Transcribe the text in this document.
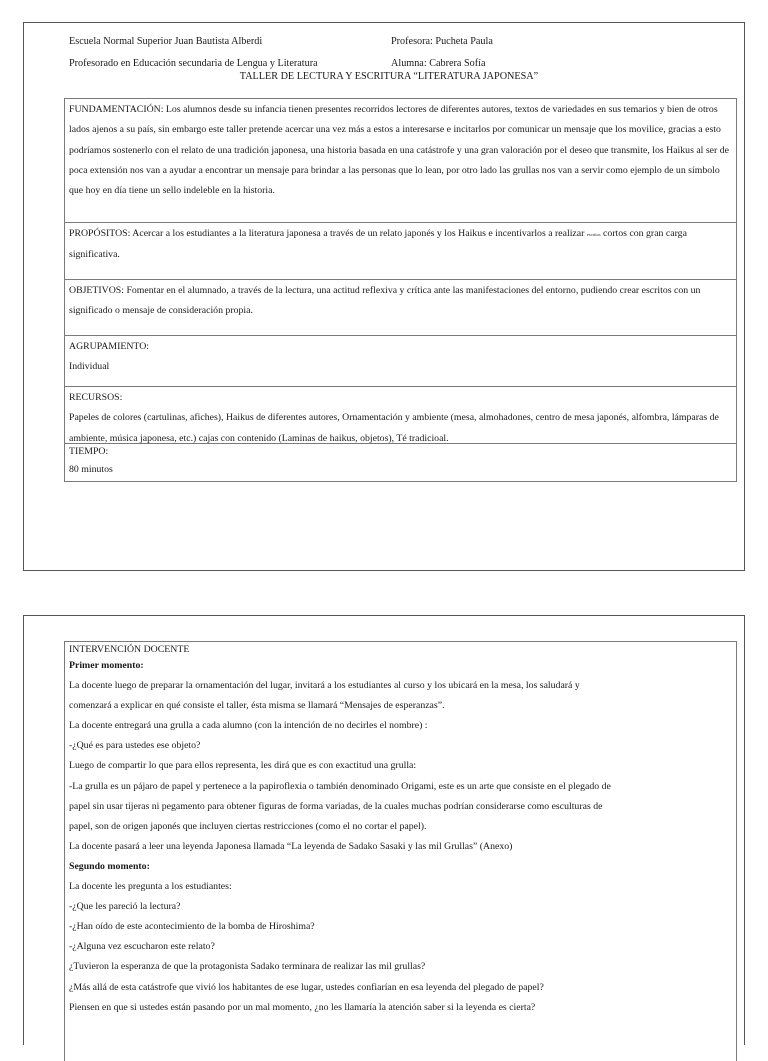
Escuela Normal Superior Juan Bautista Alberdi	Profesora: Pucheta Paula
Profesorado en Educación secundaria de Lengua y Literatura	Alumna: Cabrera Sofía
TALLER DE LECTURA Y ESCRITURA “LITERATURA JAPONESA”
FUNDAMENTACIÓN: Los alumnos desde su infancia tienen presentes recorridos lectores de diferentes autores, textos de variedades en sus temarios y bien de otros lados ajenos a su país, sin embargo este taller pretende acercar una vez más a estos a interesarse e incitarlos por comunicar un mensaje que los movilice, gracias a esto podríamos sostenerlo con el relato de una tradición japonesa, una historia basada en una catástrofe y una gran valoración por el deseo que transmite, los Haikus al ser de poca extensión nos van a ayudar a encontrar un mensaje para brindar a las personas que lo lean, por otro lado las grullas nos van a servir como ejemplo de un símbolo que hoy en día tiene un sello indeleble en la historia.
PROPÓSITOS: Acercar a los estudiantes a la literatura japonesa a través de un relato japonés y los Haikus e incentivarlos a realizar escritos cortos con gran carga significativa.
OBJETIVOS: Fomentar en el alumnado, a través de la lectura, una actitud reflexiva y crítica ante las manifestaciones del entorno, pudiendo crear escritos con un significado o mensaje de consideración propia.
AGRUPAMIENTO:
Individual
RECURSOS:
Papeles de colores (cartulinas, afiches), Haikus de diferentes autores, Ornamentación y ambiente (mesa, almohadones, centro de mesa japonés, alfombra, lámparas de ambiente, música japonesa, etc.) cajas con contenido (Laminas de haikus, objetos), Té tradicioal.
TIEMPO:
80 minutos
INTERVENCIÓN DOCENTE
Primer momento:
La docente luego de preparar la ornamentación del lugar, invitará a los estudiantes al curso y los ubicará en la mesa, los saludará y
comenzará a explicar en qué consiste el taller, ésta misma se llamará “Mensajes de esperanzas”.
La docente entregará una grulla a cada alumno (con la intención de no decirles el nombre) :
-¿Qué es para ustedes ese objeto?
Luego de compartir lo que para ellos representa, les dirá que es con exactitud una grulla:
-La grulla es un pájaro de papel y pertenece a la papiroflexia o también denominado Origami, este es un arte que consiste en el plegado de
papel sin usar tijeras ni pegamento para obtener figuras de forma variadas, de la cuales muchas podrían considerarse como esculturas de
papel, son de origen japonés que incluyen ciertas restricciones (como el no cortar el papel).
La docente pasará a leer una leyenda Japonesa llamada “La leyenda de Sadako Sasaki y las mil Grullas” (Anexo)
Segundo momento:
La docente les pregunta a los estudiantes:
-¿Que les pareció la lectura?
-¿Han oído de este acontecimiento de la bomba de Hiroshima?
-¿Alguna vez escucharon este relato?
¿Tuvieron la esperanza de que la protagonista Sadako terminara de realizar las mil grullas?
¿Más allá de esta catástrofe que vivió los habitantes de ese lugar, ustedes confiarían en esa leyenda del plegado de papel?
Piensen en que si ustedes están pasando por un mal momento, ¿no les llamaría la atención saber si la leyenda es cierta?
